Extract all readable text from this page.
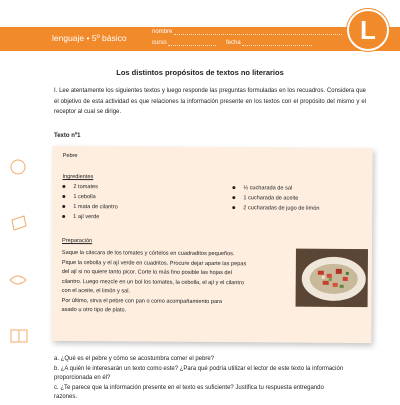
lenguaje • 5º básico
nombre
curso	fecha	L
Los distintos propósitos de textos no literarios
I. Lee atentamente los siguientes textos y luego responde las preguntas formuladas en los recuadros. Considera que el objetivo de esta actividad es que relaciones la información presente en los textos con el propósito del mismo y el receptor al cual se dirige.
Texto nº1
Pebre
Ingredientes
2 tomates
1 cebolla
1 mata de cilantro
1 ají verde
½ cucharada de sal
1 cucharada de aceite
2 cucharadas de jugo de limón
Preparación
Saque la cáscara de los tomates y córtelos en cuadraditos pequeños.
Pique la cebolla y el ají verde en cuadritos. Procure dejar aparte las pepas
del ají si no quiere tanto picor. Corte lo más fino posible las hojas del
cilantro. Luego mezcle en un bol los tomates, la cebolla, el ají y el cilantro
con el aceite, el limón y sal.
Por último, sirva el pebre con pan o como acompañamiento para
asado u otro tipo de plato.
a. ¿Qué es el pebre y cómo se acostumbra comer el pebre?
b. ¿A quién le interesarán un texto como este? ¿Para qué podría utilizar el lector de este texto la información
proporcionada en él?
c. ¿Te parece que la información presente en el texto es suficiente? Justifica tu respuesta entregando
razones.
